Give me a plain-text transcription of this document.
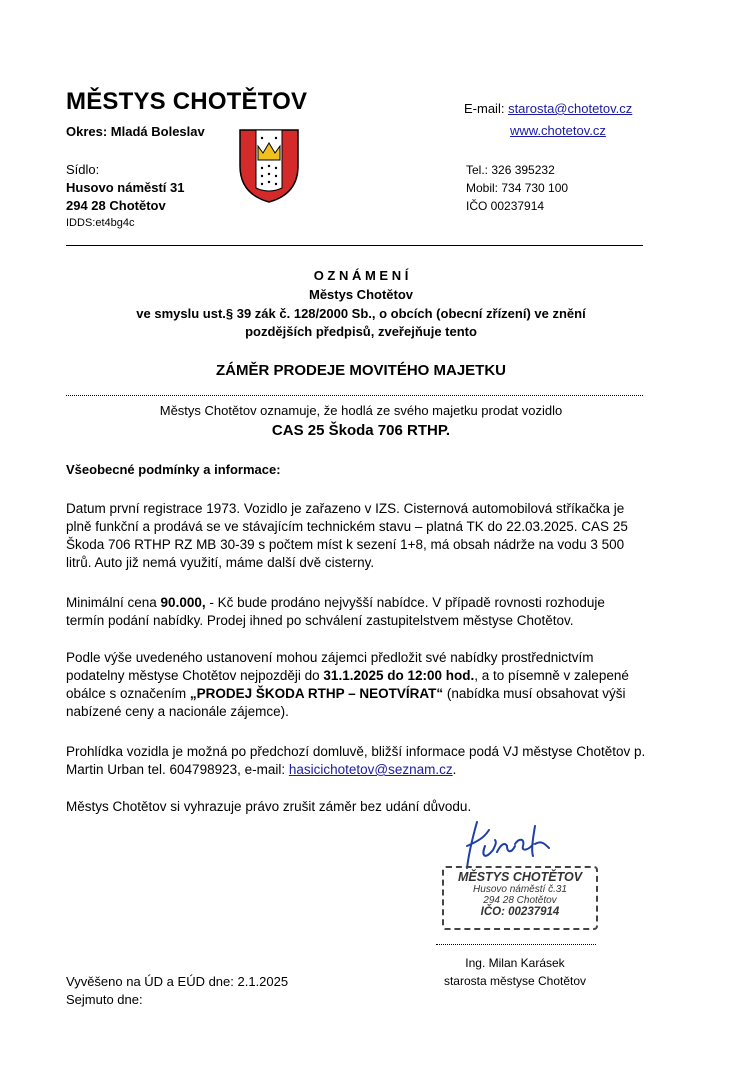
MĚSTYS CHOTĚTOV
Okres: Mladá Boleslav
Sídlo:
Husovo náměstí 31
294 28 Chotětov
IDDS:et4bg4c
E-mail: starosta@chotetov.cz
www.chotetov.cz
Tel.: 326 395232
Mobil: 734 730 100
IČO 00237914
O Z N Á M E N Í
Městys Chotětov
ve smyslu ust.§ 39 zák č. 128/2000 Sb., o obcích (obecní zřízení) ve znění
pozdějších předpisů, zveřejňuje tento
ZÁMĚR PRODEJE MOVITÉHO MAJETKU
Městys Chotětov oznamuje, že hodlá ze svého majetku prodat vozidlo
CAS 25 Škoda 706 RTHP.
Všeobecné podmínky a informace:
Datum první registrace 1973. Vozidlo je zařazeno v IZS. Cisternová automobilová stříkačka je plně funkční a prodává se ve stávajícím technickém stavu – platná TK do 22.03.2025. CAS 25 Škoda 706 RTHP RZ MB 30-39 s počtem míst k sezení 1+8, má obsah nádrže na vodu 3 500 litrů. Auto již nemá využití, máme další dvě cisterny.
Minimální cena 90.000, - Kč bude prodáno nejvyšší nabídce. V případě rovnosti rozhoduje termín podání nabídky. Prodej ihned po schválení zastupitelstvem městyse Chotětov.
Podle výše uvedeného ustanovení mohou zájemci předložit své nabídky prostřednictvím podatelny městyse Chotětov nejpozději do 31.1.2025 do 12:00 hod., a to písemně v zalepené obálce s označením „PRODEJ ŠKODA RTHP – NEOTVÍRAT“ (nabídka musí obsahovat výši nabízené ceny a nacionále zájemce).
Prohlídka vozidla je možná po předchozí domluvě, bližší informace podá VJ městyse Chotětov p. Martin Urban tel. 604798923, e-mail: hasicichotetov@seznam.cz.
Městys Chotětov si vyhrazuje právo zrušit záměr bez udání důvodu.
MĚSTYS CHOTĚTOV
Husovo náměstí č.31
294 28 Chotětov
IČO: 00237914
Ing. Milan Karásek
starosta městyse Chotětov
Vyvěšeno na ÚD a EÚD dne: 2.1.2025
Sejmuto dne:
